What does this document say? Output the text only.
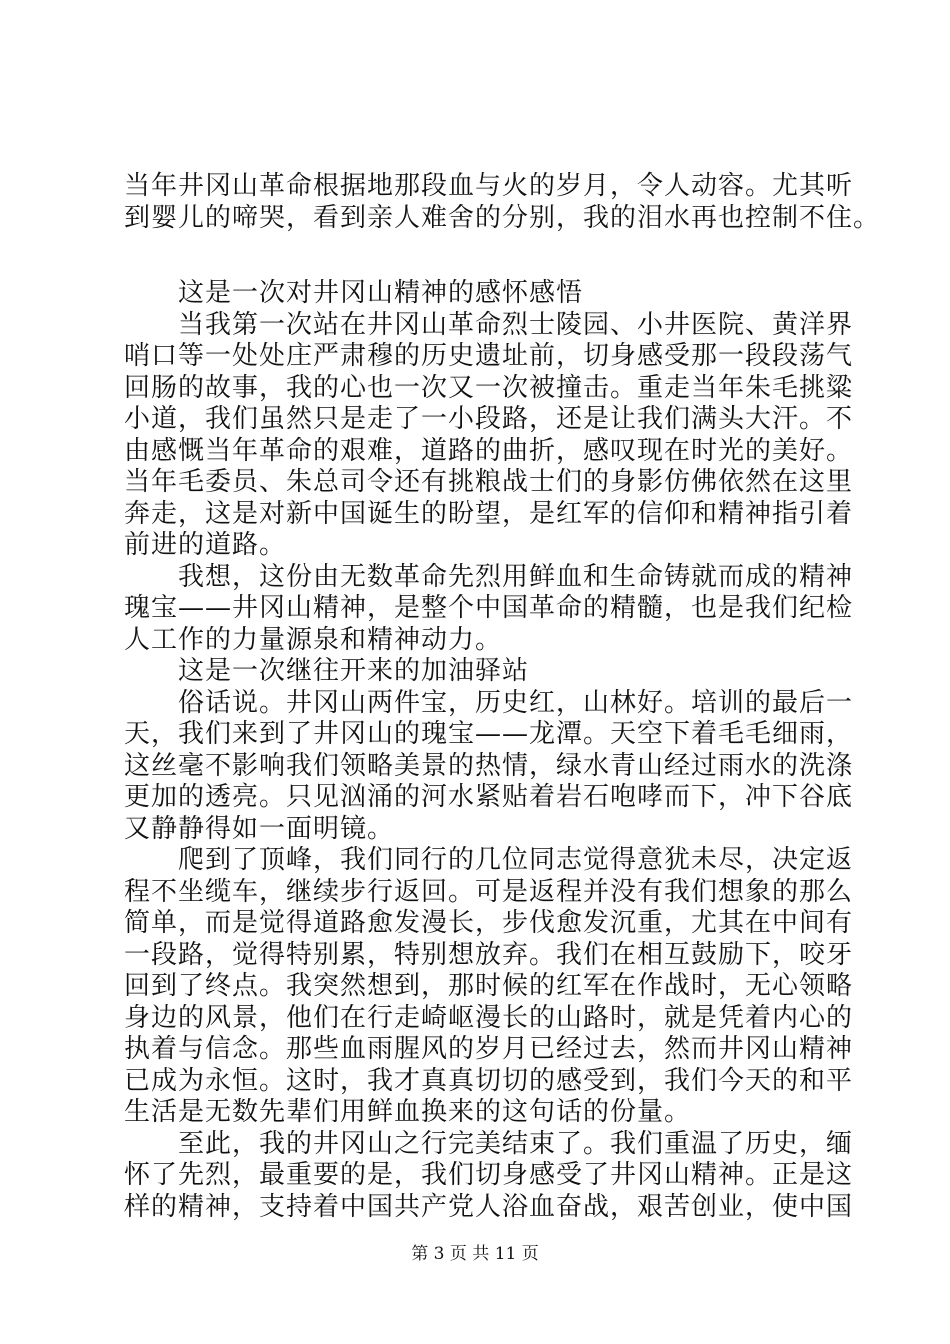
当年井冈山革命根据地那段血与火的岁月，令人动容。尤其听

到婴儿的啼哭，看到亲人难舍的分别，我的泪水再也控制不住。

这是一次对井冈山精神的感怀感悟

当我第一次站在井冈山革命烈士陵园、小井医院、黄洋界

哨口等一处处庄严肃穆的历史遗址前，切身感受那一段段荡气

回肠的故事，我的心也一次又一次被撞击。重走当年朱毛挑粱

小道，我们虽然只是走了一小段路，还是让我们满头大汗。不

由感慨当年革命的艰难，道路的曲折，感叹现在时光的美好。

当年毛委员、朱总司令还有挑粮战士们的身影仿佛依然在这里

奔走，这是对新中国诞生的盼望，是红军的信仰和精神指引着

前进的道路。

我想，这份由无数革命先烈用鲜血和生命铸就而成的精神

瑰宝——井冈山精神，是整个中国革命的精髓，也是我们纪检

人工作的力量源泉和精神动力。

这是一次继往开来的加油驿站

俗话说。井冈山两件宝，历史红，山林好。培训的最后一

天，我们来到了井冈山的瑰宝——龙潭。天空下着毛毛细雨，

这丝毫不影响我们领略美景的热情，绿水青山经过雨水的洗涤

更加的透亮。只见汹涌的河水紧贴着岩石咆哮而下，冲下谷底

又静静得如一面明镜。

爬到了顶峰，我们同行的几位同志觉得意犹未尽，决定返

程不坐缆车，继续步行返回。可是返程并没有我们想象的那么

简单，而是觉得道路愈发漫长，步伐愈发沉重，尤其在中间有

一段路，觉得特别累，特别想放弃。我们在相互鼓励下，咬牙

回到了终点。我突然想到，那时候的红军在作战时，无心领略

身边的风景，他们在行走崎岖漫长的山路时，就是凭着内心的

执着与信念。那些血雨腥风的岁月已经过去，然而井冈山精神

已成为永恒。这时，我才真真切切的感受到，我们今天的和平

生活是无数先辈们用鲜血换来的这句话的份量。

至此，我的井冈山之行完美结束了。我们重温了历史，缅

怀了先烈，最重要的是，我们切身感受了井冈山精神。正是这

样的精神，支持着中国共产党人浴血奋战，艰苦创业，使中国

第 3 页 共 11 页
